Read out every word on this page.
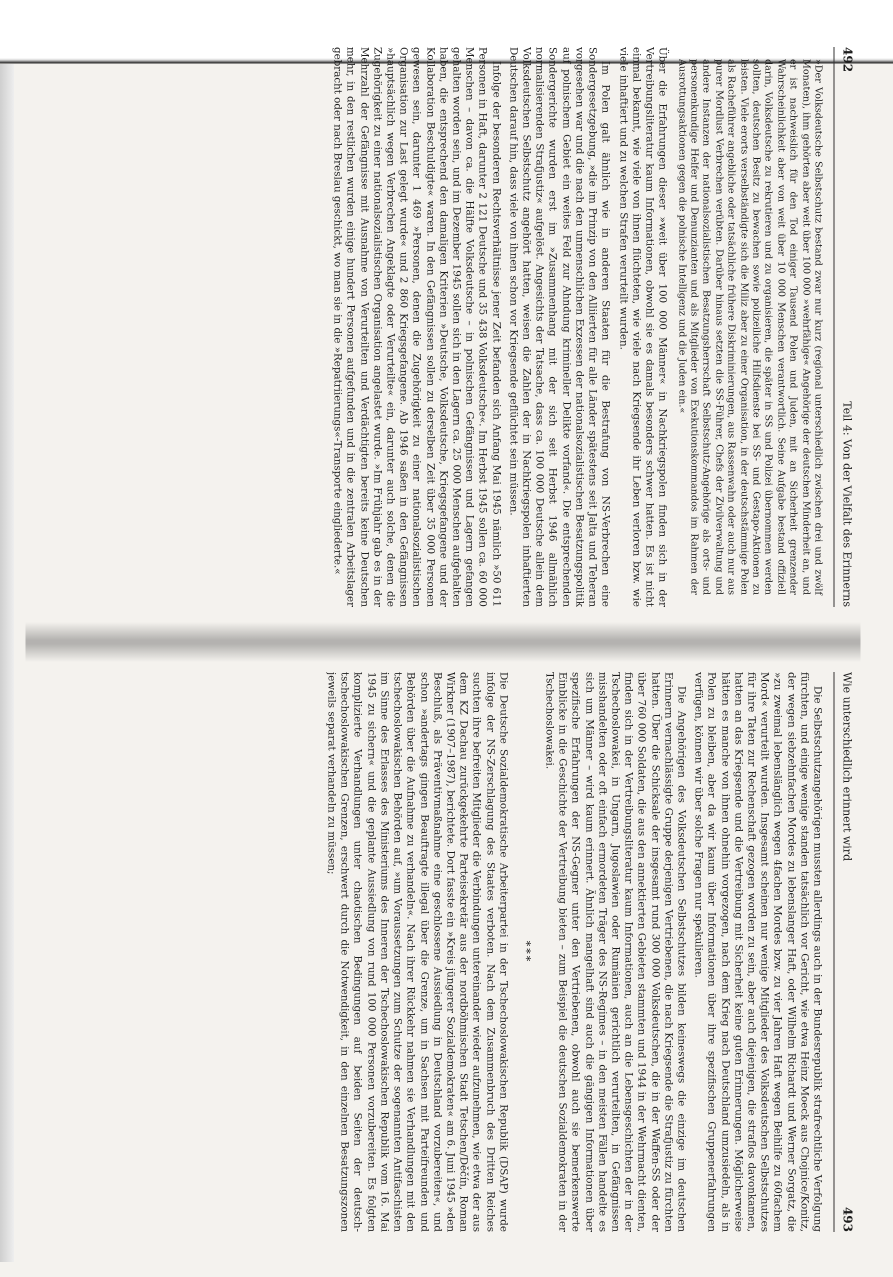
492
Teil 4: Von der Vielfalt des Erinnerns

»Der Volksdeutsche Selbstschutz bestand zwar nur kurz (regional unterschiedlich zwischen drei und zwölf Monaten), ihm gehörten aber weit über 100 000 »wehrfähige« Angehörige der deutschen Minderheit an, und er ist nachweislich für den Tod einiger Tausend Polen und Juden, mit an Sicherheit grenzender Wahrscheinlichkeit aber von weit über 10 000 Menschen verantwortlich. Seine Aufgabe bestand offiziell darin, Volksdeutsche zu rekrutieren und zu organisieren, die später in SS und Polizei übernommen werden sollten, deutschen Besitz zu bewachen sowie polizeiliche Hilfsdienste bei SS- und Gestapo-Aktionen zu leisten. Viele erorts verselbständigte sich die Miliz aber zu einer Organisation, in der deutschstämmige Polen als Racheführer angebliche oder tatsächliche frühere Diskriminierungen, aus Rassenwahn oder auch nur aus purer Mordlust Verbrechen verübten. Darüber hinaus setzten die SS-Führer, Chefs der Zivilverwaltung und andere Instanzen der nationalsozialistischen Besatzungsherrschaft Selbstschutz-Angehörige als orts- und personenkundige Helfer und Denunzianten und als Mitglieder von Exekutionskommandos im Rahmen der Ausrottungsaktionen gegen die polnische Intelligenz und die Juden ein.«

Über die Erfahrungen dieser »weit über 100 000 Männer« in Nachkriegspolen finden sich in der Vertreibungsliteratur kaum Informationen, obwohl sie es damals besonders schwer hatten. Es ist nicht einmal bekannt, wie viele von ihnen flüchteten, wie viele nach Kriegsende ihr Leben verloren bzw. wie viele inhaftiert und zu welchen Strafen verurteilt wurden.

Im Polen galt ähnlich wie in anderen Staaten für die Bestrafung von NS-Verbrechen eine Sondergesetzgebung, »die im Prinzip von den Alliierten für alle Länder spätestens seit Jalta und Teheran vorgesehen war und die nach den unmenschlichen Exzessen der nationalsozialistischen Besatzungspolitik auf polnischem Gebiet ein weites Feld zur Ahndung krimineller Delikte vorfand«. Die entsprechenden Sondergerichte wurden erst im »Zusammenhang mit der sich seit Herbst 1946 allmählich normalisierenden Strafjustiz« aufgelöst. Angesichts der Tatsache, dass ca. 100 000 Deutsche allein dem Volksdeutschen Selbstschutz angehört hatten, weisen die Zahlen der in Nachkriegspolen inhaftierten Deutschen darauf hin, dass viele von ihnen schon vor Kriegsende geflüchtet sein müssen.

Infolge der besonderen Rechtsverhältnisse jener Zeit befanden sich Anfang Mai 1945 nämlich »50 611 Personen in Haft, darunter 2 121 Deutsche und 35 438 Volksdeutsche«. Im Herbst 1945 sollen ca. 60 000 Menschen – davon ca. die Hälfte Volksdeutsche – in polnischen Gefängnissen und Lagern gefangen gehalten worden sein, und im Dezember 1945 sollen sich in den Lagern ca. 25 000 Menschen aufgehalten haben, die entsprechend den damaligen Kriterien »Deutsche, Volksdeutsche, Kriegsgefangene und der Kollaboration Beschuldigte« waren. In den Gefängnissen sollen zu derselben Zeit über 35 000 Personen gewesen sein, darunter 1 469 »Personen, denen die Zugehörigkeit zu einer nationalsozialistischen Organisation zur Last gelegt wurde« und 2 860 Kriegsgefangene. Ab 1946 saßen in den Gefängnissen »hauptsächlich wegen Verbrechen Angeklagte oder Verurteilte« ein, darunter auch solche, denen die Zugehörigkeit zu einer nationalsozialistischen Organisation angelastet wurde. »Im Frühjahr gab es in der Mehrzahl der Gefängnisse mit Ausnahme von Verurteilten und Verdächtigten bereits keine Deutschen mehr, in den restlichen wurden einige hundert Personen aufgefunden und in die zentralen Arbeitslager gebracht oder nach Breslau geschickt, wo man sie in die »Repatriierungs«-Transporte eingliederte.«

Wie unterschiedlich erinnert wird
493

Die Selbstschutzangehörigen mussten allerdings auch in der Bundesrepublik strafrechtliche Verfolgung fürchten, und einige wenige standen tatsächlich vor Gericht, wie etwa Heinz Moeck aus Chojnice/Konitz, der wegen siebzehnfachen Mordes zu lebenslanger Haft, oder Wilhelm Richardt und Werner Sorgatz, die »zu zweimal lebenslänglich wegen 4fachen Mordes bzw. zu vier Jahren Haft wegen Beihilfe zu 60fachem Mord« verurteilt wurden. Insgesamt scheinen nur wenige Mitglieder des Volksdeutschen Selbstschutzes für ihre Taten zur Rechenschaft gezogen worden zu sein, aber auch diejenigen, die straflos davonkamen, hatten an das Kriegsende und die Vertreibung mit Sicherheit keine guten Erinnerungen. Möglicherweise hätten es manche von ihnen ohnehin vorgezogen, nach dem Krieg nach Deutschland umzusiedeln, als in Polen zu bleiben, aber da wir kaum über Informationen über ihre spezifischen Gruppenerfahrungen verfügen, können wir über solche Fragen nur spekulieren.

Die Angehörigen des Volksdeutschen Selbstschutzes bilden keineswegs die einzige im deutschen Erinnern vernachlässigte Gruppe derjenigen Vertriebenen, die nach Kriegsende die Strafjustiz zu fürchten hatten. Über die Schicksale der insgesamt rund 300 000 Volksdeutschen, die in der Waffen-SS oder der über 760 000 Soldaten, die aus den annektierten Gebieten stammten und 1944 in der Wehrmacht dienten, finden sich in der Vertreibungsliteratur kaum Informationen, auch an die Lebensgeschichten der in der Tschechoslowakei, in Ungarn, Jugoslawien oder Rumänien gerichtlich verurteilten, in Gefängnissen misshandelten oder oft einfach ermordeten Träger des NS-Regimes – in den meisten Fällen handelte es sich um Männer – wird kaum erinnert. Ähnlich mangelhaft sind auch die gängigen Informationen über spezifische Erfahrungen der NS-Gegner unter den Vertriebenen, obwohl auch sie bemerkenswerte Einblicke in die Geschichte der Vertreibung bieten – zum Beispiel die deutschen Sozialdemokraten in der Tschechoslowakei.

***

Die Deutsche Sozialdemokratische Arbeiterpartei in der Tschechoslowakischen Republik (DSAP) wurde infolge der NS-Zerschlagung des Staates verboten. Nach dem Zusammenbruch des Dritten Reiches suchten ihre befreiten Mitglieder die Verbindungen untereinander wieder aufzunehmen, wie etwa der aus dem KZ Dachau zurückgekehrte Parteisekretär aus der nordböhmischen Stadt Tetschen/Děčín, Roman Wirkner (1907–1987), berichtete. Dort fasste ein »Kreis jüngerer Sozialdemokraten« am 6. Juni 1945 »den Beschluß, als Präventivmaßnahme eine geschlossene Aussiedlung in Deutschland vorzubereiten«, und schon »andertags gingen Beauftragte illegal über die Grenze, um in Sachsen mit Parteifreunden und Behörden über die Aufnahme zu verhandeln«. Nach ihrer Rückkehr nahmen sie Verhandlungen mit den tschechoslowakischen Behörden auf, »um Voraussetzungen zum Schutze der sogenannten Antifaschisten im Sinne des Erlasses des Ministeriums des Inneren der Tschechoslowakischen Republik vom 16. Mai 1945 zu sichern« und die geplante Aussiedlung von rund 100 000 Personen vorzubereiten. Es folgten komplizierte Verhandlungen unter chaotischen Bedingungen auf beiden Seiten der deutsch-tschechoslowakischen Grenzen, erschwert durch die Notwendigkeit, in den einzelnen Besatzungszonen jeweils separat verhandeln zu müssen;
